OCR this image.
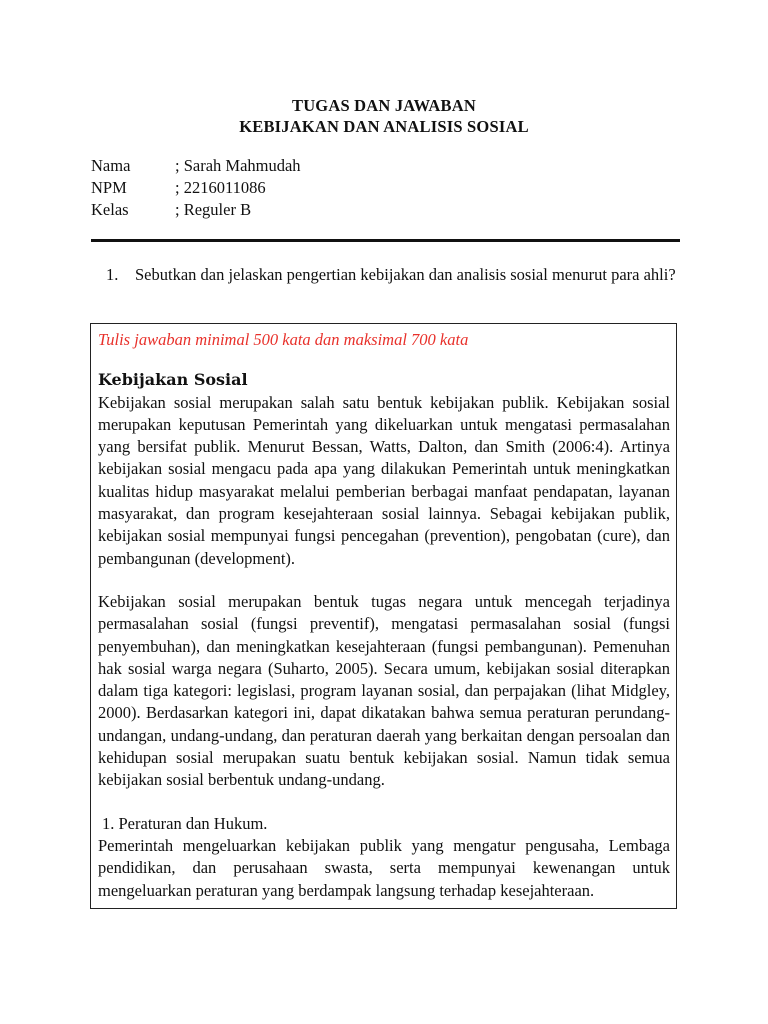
TUGAS DAN JAWABAN
KEBIJAKAN DAN ANALISIS SOSIAL
Nama	; Sarah Mahmudah
NPM	; 2216011086
Kelas	; Reguler B
1.	Sebutkan dan jelaskan pengertian kebijakan dan analisis sosial menurut para ahli?

Tulis jawaban minimal 500 kata dan maksimal 700 kata

Kebijakan Sosial

Kebijakan sosial merupakan salah satu bentuk kebijakan publik. Kebijakan sosial merupakan keputusan Pemerintah yang dikeluarkan untuk mengatasi permasalahan yang bersifat publik. Menurut Bessan, Watts, Dalton, dan Smith (2006:4). Artinya kebijakan sosial mengacu pada apa yang dilakukan Pemerintah untuk meningkatkan kualitas hidup masyarakat melalui pemberian berbagai manfaat pendapatan, layanan masyarakat, dan program kesejahteraan sosial lainnya. Sebagai kebijakan publik, kebijakan sosial mempunyai fungsi pencegahan (prevention), pengobatan (cure), dan pembangunan (development).

Kebijakan sosial merupakan bentuk tugas negara untuk mencegah terjadinya permasalahan sosial (fungsi preventif), mengatasi permasalahan sosial (fungsi penyembuhan), dan meningkatkan kesejahteraan (fungsi pembangunan). Pemenuhan hak sosial warga negara (Suharto, 2005). Secara umum, kebijakan sosial diterapkan dalam tiga kategori: legislasi, program layanan sosial, dan perpajakan (lihat Midgley, 2000). Berdasarkan kategori ini, dapat dikatakan bahwa semua peraturan perundang-undangan, undang-undang, dan peraturan daerah yang berkaitan dengan persoalan dan kehidupan sosial merupakan suatu bentuk kebijakan sosial. Namun tidak semua kebijakan sosial berbentuk undang-undang.

1. Peraturan dan Hukum.

Pemerintah mengeluarkan kebijakan publik yang mengatur pengusaha, Lembaga pendidikan, dan perusahaan swasta, serta mempunyai kewenangan untuk mengeluarkan peraturan yang berdampak langsung terhadap kesejahteraan.
